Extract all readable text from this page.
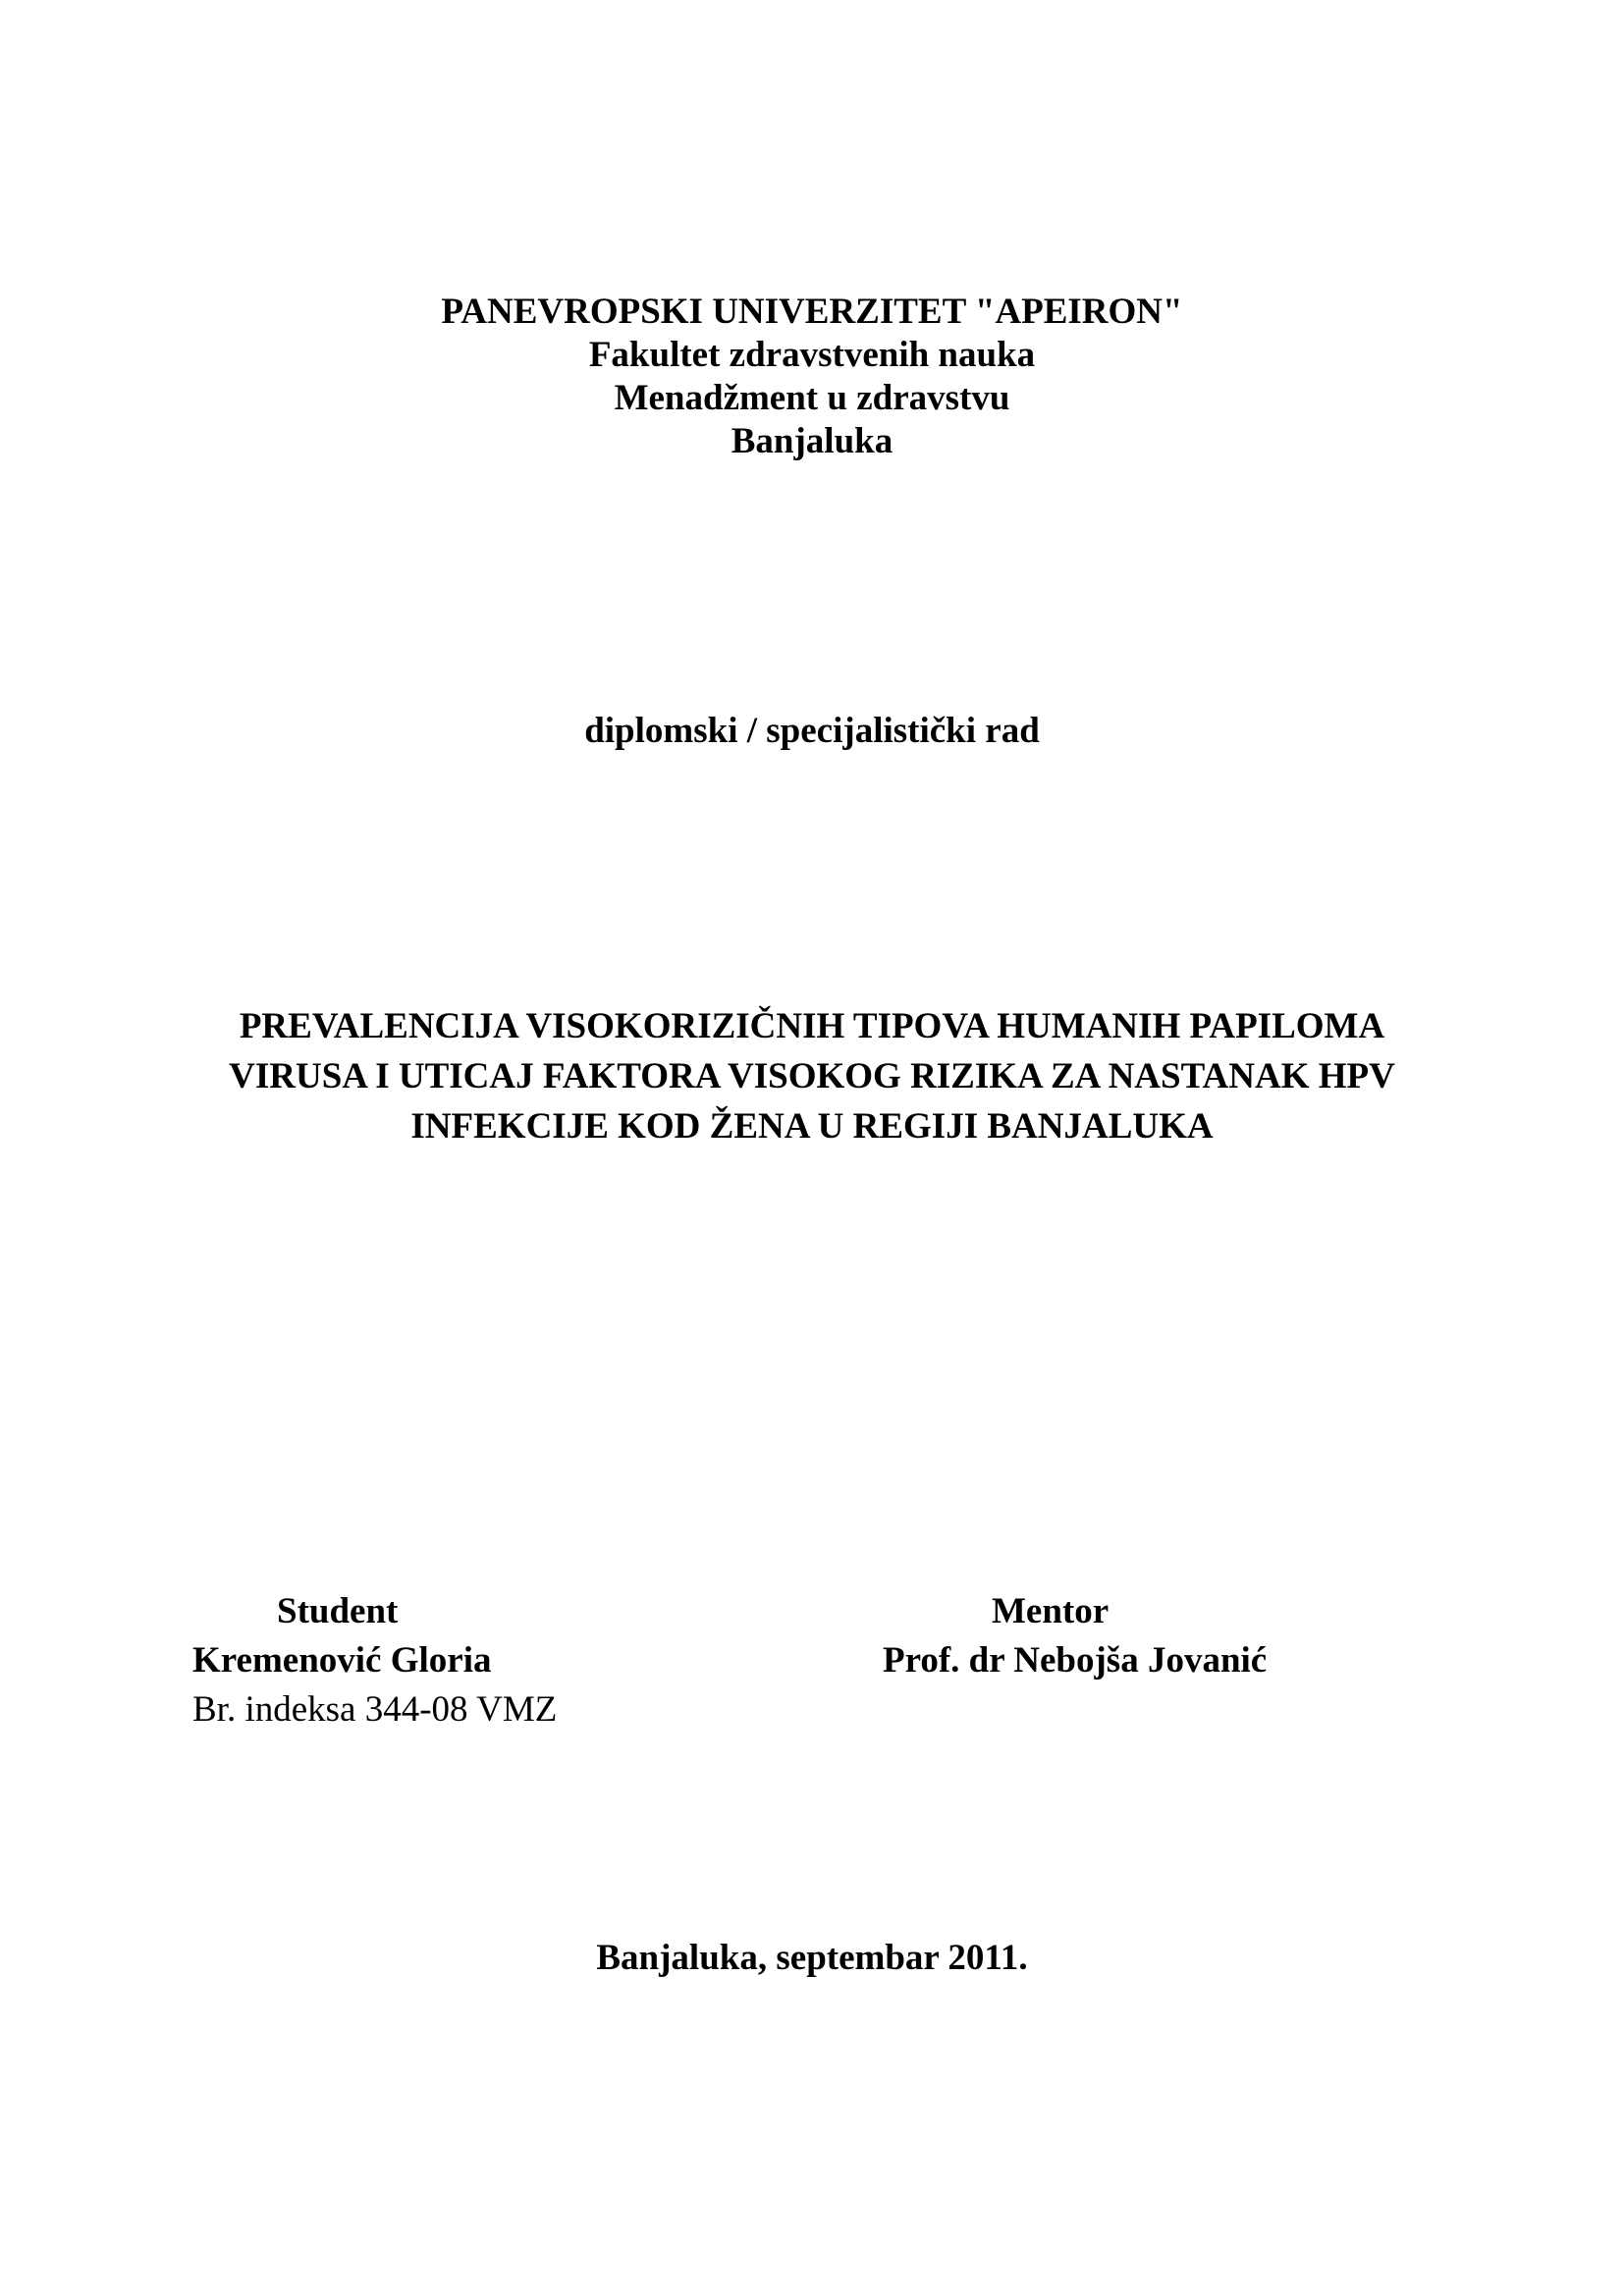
PANEVROPSKI UNIVERZITET "APEIRON"
Fakultet zdravstvenih nauka
Menadžment u zdravstvu
Banjaluka
diplomski / specijalistički rad
PREVALENCIJA VISOKORIZIČNIH TIPOVA HUMANIH PAPILOMA
VIRUSA I UTICAJ FAKTORA VISOKOG RIZIKA ZA NASTANAK HPV
INFEKCIJE KOD ŽENA U REGIJI BANJALUKA
Student
Kremenović Gloria
Br. indeksa 344-08 VMZ
Mentor
Prof. dr Nebojša Jovanić
Banjaluka, septembar 2011.
